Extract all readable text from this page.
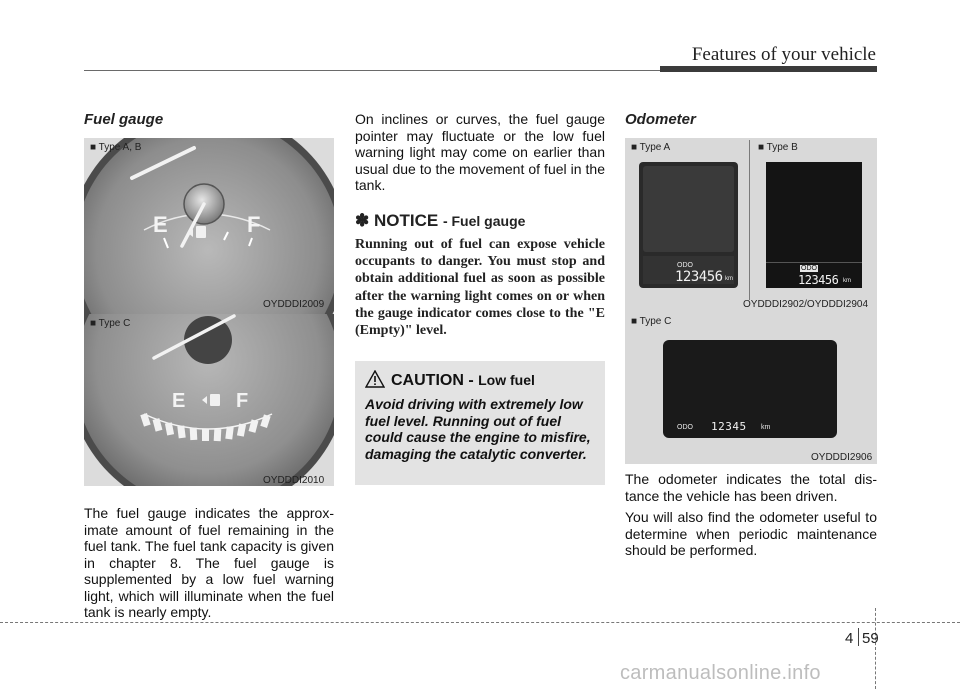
Features of your vehicle
Fuel gauge
■ Type A, B
E	F
OYDDDI2009
■ Type C
E	F
OYDDDI2010
The fuel gauge indicates the approximate amount of fuel remaining in the fuel tank. The fuel tank capacity is given in chapter 8. The fuel gauge is supplemented by a low fuel warning light, which will illuminate when the fuel tank is nearly empty.
On inclines or curves, the fuel gauge pointer may fluctuate or the low fuel warning light may come on earlier than usual due to the movement of fuel in the tank.
✽ NOTICE - Fuel gauge
Running out of fuel can expose vehicle occupants to danger. You must stop and obtain additional fuel as soon as possible after the warning light comes on or when the gauge indicator comes close to the "E (Empty)" level.
CAUTION - Low fuel
Avoid driving with extremely low fuel level. Running out of fuel could cause the engine to misfire, damaging the catalytic converter.
Odometer
■ Type A	■ Type B
ODO
123456 km
ODO
123456 km
OYDDDI2902/OYDDDI2904
■ Type C
ODO 12345 km
OYDDDI2906
The odometer indicates the total distance the vehicle has been driven.
You will also find the odometer useful to determine when periodic maintenance should be performed.
4 59
carmanualsonline.info
